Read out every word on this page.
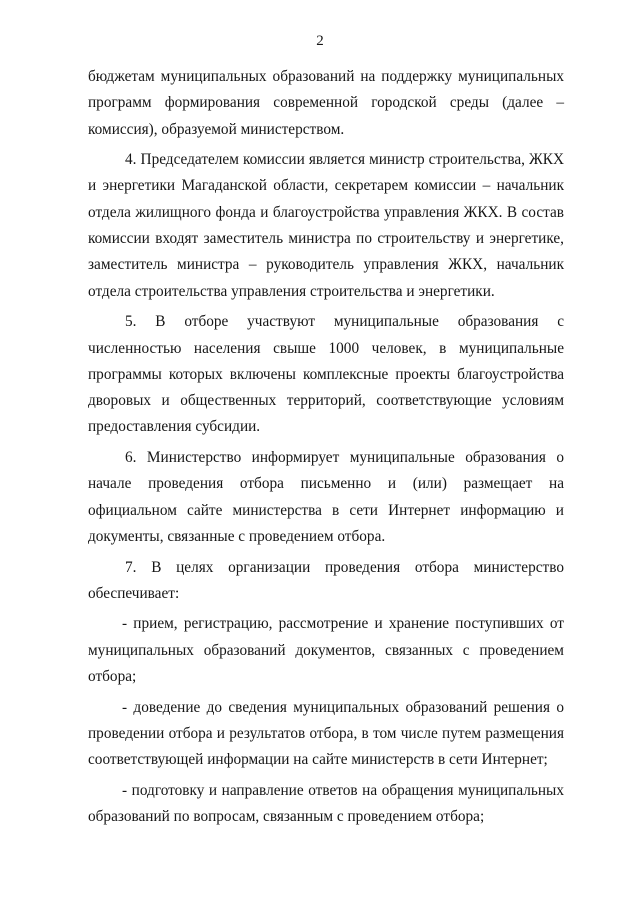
2

бюджетам муниципальных образований на поддержку муниципальных программ формирования современной городской среды (далее – комиссия), образуемой министерством.

4. Председателем комиссии является министр строительства, ЖКХ и энергетики Магаданской области, секретарем комиссии – начальник отдела жилищного фонда и благоустройства управления ЖКХ. В состав комиссии входят заместитель министра по строительству и энергетике, заместитель министра – руководитель управления ЖКХ, начальник отдела строительства управления строительства и энергетики.

5. В отборе участвуют муниципальные образования с численностью населения свыше 1000 человек, в муниципальные программы которых включены комплексные проекты благоустройства дворовых и общественных территорий, соответствующие условиям предоставления субсидии.

6. Министерство информирует муниципальные образования о начале проведения отбора письменно и (или) размещает на официальном сайте министерства в сети Интернет информацию и документы, связанные с проведением отбора.

7. В целях организации проведения отбора министерство обеспечивает:

- прием, регистрацию, рассмотрение и хранение поступивших от муниципальных образований документов, связанных с проведением отбора;

- доведение до сведения муниципальных образований решения о проведении отбора и результатов отбора, в том числе путем размещения соответствующей информации на сайте министерств в сети Интернет;

- подготовку и направление ответов на обращения муниципальных образований по вопросам, связанным с проведением отбора;
